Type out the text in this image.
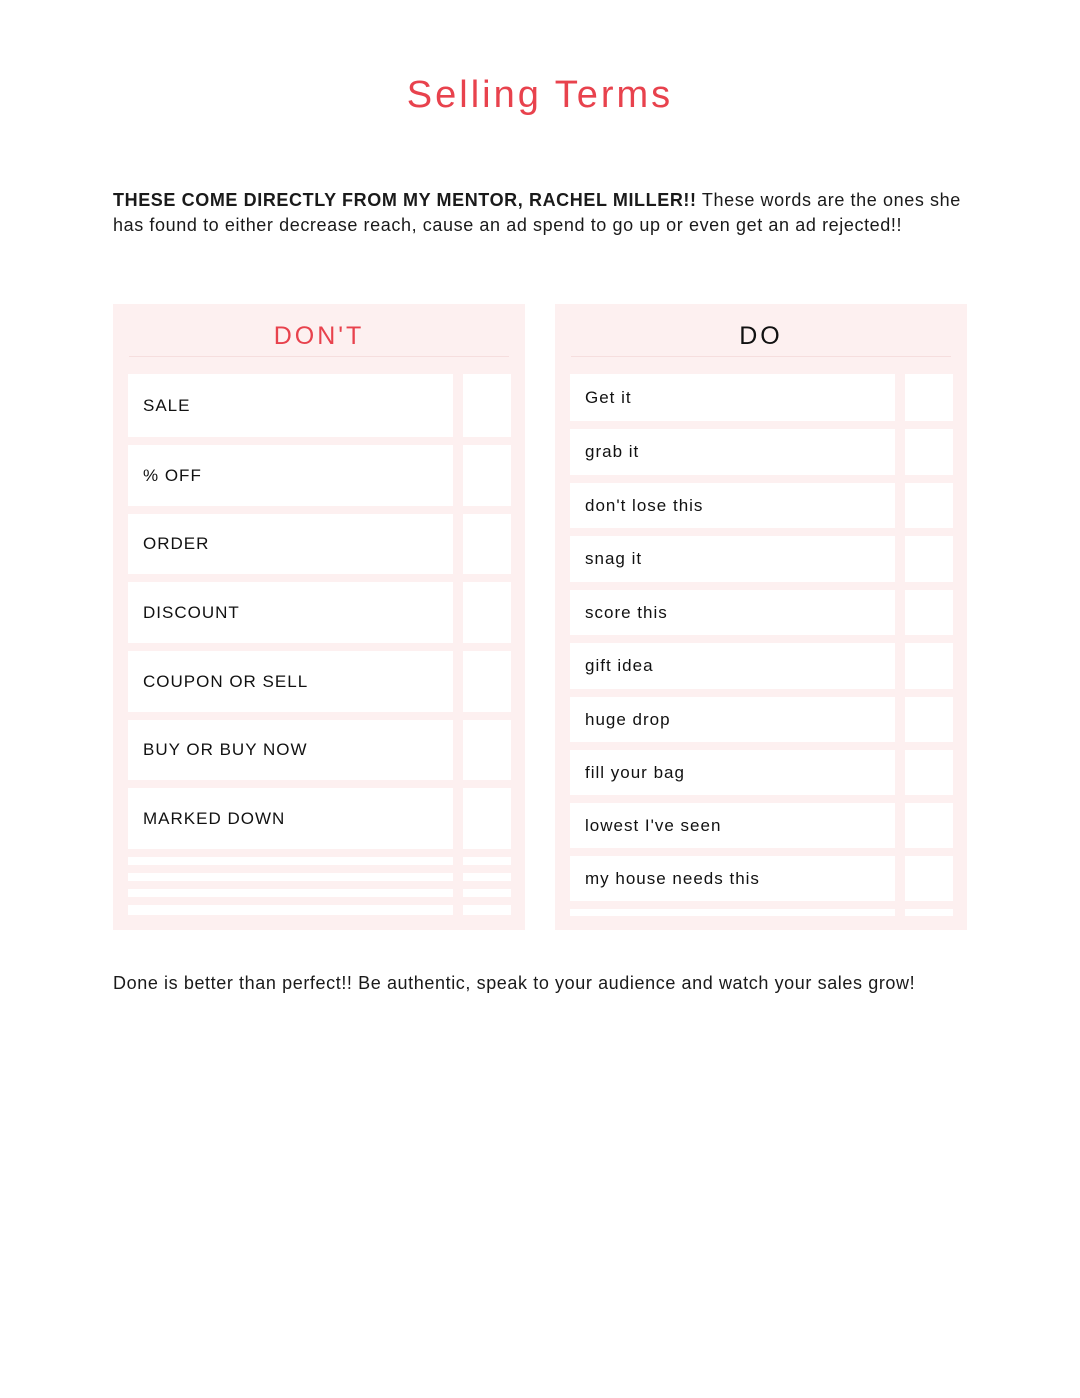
Selling Terms
THESE COME DIRECTLY FROM MY MENTOR, RACHEL MILLER!! These words are the ones she has found to either decrease reach, cause an ad spend to go up or even get an ad rejected!!
DON'T
SALE
% OFF
ORDER
DISCOUNT
COUPON OR SELL
BUY OR BUY NOW
MARKED DOWN
DO
Get it
grab it
don't lose this
snag it
score this
gift idea
huge drop
fill your bag
lowest I've seen
my house needs this
Done is better than perfect!! Be authentic, speak to your audience and watch your sales grow!
